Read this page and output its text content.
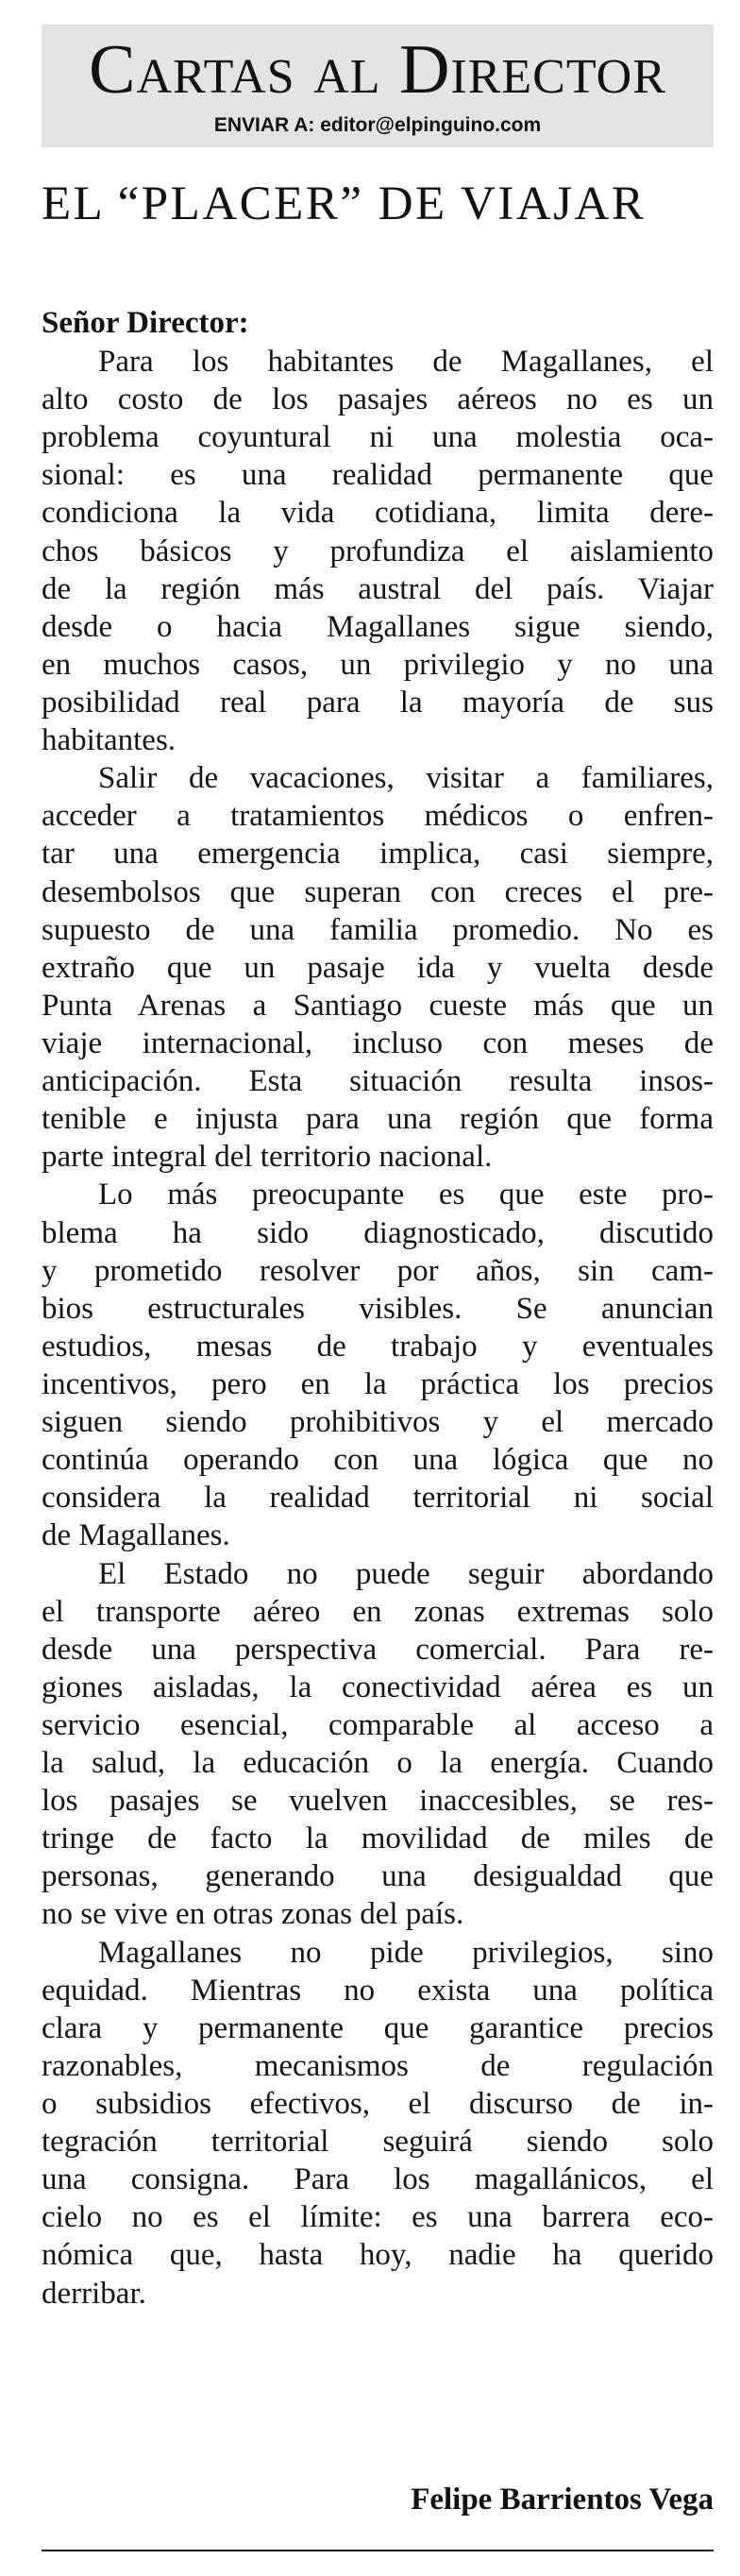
Cartas al Director
ENVIAR A: editor@elpinguino.com
EL “PLACER” DE VIAJAR
Señor Director:
Para los habitantes de Magallanes, el
alto costo de los pasajes aéreos no es un
problema coyuntural ni una molestia oca-
sional: es una realidad permanente que
condiciona la vida cotidiana, limita dere-
chos básicos y profundiza el aislamiento
de la región más austral del país. Viajar
desde o hacia Magallanes sigue siendo,
en muchos casos, un privilegio y no una
posibilidad real para la mayoría de sus
habitantes.
Salir de vacaciones, visitar a familiares,
acceder a tratamientos médicos o enfren-
tar una emergencia implica, casi siempre,
desembolsos que superan con creces el pre-
supuesto de una familia promedio. No es
extraño que un pasaje ida y vuelta desde
Punta Arenas a Santiago cueste más que un
viaje internacional, incluso con meses de
anticipación. Esta situación resulta insos-
tenible e injusta para una región que forma
parte integral del territorio nacional.
Lo más preocupante es que este pro-
blema ha sido diagnosticado, discutido
y prometido resolver por años, sin cam-
bios estructurales visibles. Se anuncian
estudios, mesas de trabajo y eventuales
incentivos, pero en la práctica los precios
siguen siendo prohibitivos y el mercado
continúa operando con una lógica que no
considera la realidad territorial ni social
de Magallanes.
El Estado no puede seguir abordando
el transporte aéreo en zonas extremas solo
desde una perspectiva comercial. Para re-
giones aisladas, la conectividad aérea es un
servicio esencial, comparable al acceso a
la salud, la educación o la energía. Cuando
los pasajes se vuelven inaccesibles, se res-
tringe de facto la movilidad de miles de
personas, generando una desigualdad que
no se vive en otras zonas del país.
Magallanes no pide privilegios, sino
equidad. Mientras no exista una política
clara y permanente que garantice precios
razonables, mecanismos de regulación
o subsidios efectivos, el discurso de in-
tegración territorial seguirá siendo solo
una consigna. Para los magallánicos, el
cielo no es el límite: es una barrera eco-
nómica que, hasta hoy, nadie ha querido
derribar.
Felipe Barrientos Vega
